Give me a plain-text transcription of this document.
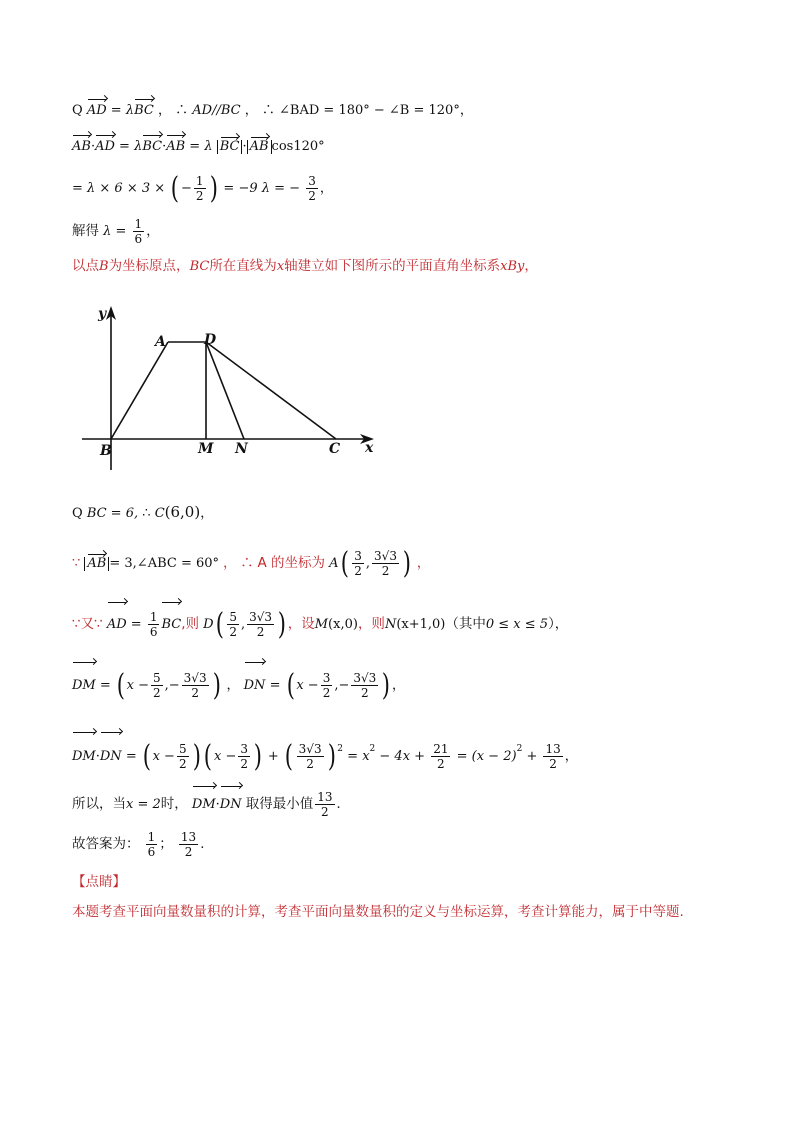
Q AD = λBC ， ∴ AD//BC ， ∴ ∠BAD = 180° − ∠B = 120°，
AB·AD = λBC·AB = λ BC · AB cos120°
= λ × 6 × 3 × ( − $\frac{1}{2}$ ) = −9 λ = − $\frac{3}{2}$ ，
解得 $\lambda = \frac{1}{6}$ ，
以点B为坐标原点，BC所在直线为x轴建立如下图所示的平面直角坐标系xBy，
y
x
A	D
B	M N	C
Q BC = 6, ∴ C(6,0)，
∵ AB = 3,∠ABC = 60° ， ∴ A 的坐标为 $A( \frac{3}{2}$ , $\frac{3√3}{2}$ ) ，
∵又∵ AD = $\frac{1}{6}$ BC,则 $D( \frac{5}{2}$ , $\frac{3√3}{2}$ ) ，设M(x,0)，则N(x+1,0)（其中0 ≤ x ≤ 5），
DM = ( $x - \frac{5}{2}$ ,− $\frac{3√3}{2}$ ) ， DN = ( $x - \frac{3}{2}$ ,− $\frac{3√3}{2}$ ) ，
DM·DN = ( $x - \frac{5}{2}$ ) ( $x - \frac{3}{2}$ ) + ( $\frac{3√3}{2}$ ) $^2 = x^2 - 4x + \frac{21}{2} = (x - 2)^2 + \frac{13}{2}$ ，
所以，当x = 2时， DM·DN 取得最小值 $\frac{13}{2}$ .
故答案为： $\frac{1}{6}$ ； $\frac{13}{2}$ .
【点睛】
本题考查平面向量数量积的计算，考查平面向量数量积的定义与坐标运算，考查计算能力，属于中等题.
